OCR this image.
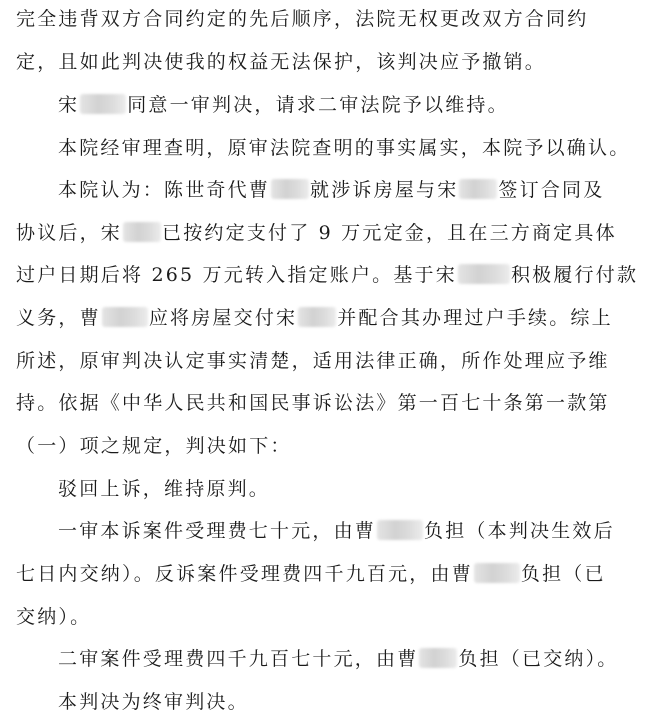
完全违背双方合同约定的先后顺序，法院无权更改双方合同约
定，且如此判决使我的权益无法保护，该判决应予撤销。
宋	同意一审判决，请求二审法院予以维持。
本院经审理查明，原审法院查明的事实属实，本院予以确认。
本院认为：陈世奇代曹 就涉诉房屋与宋 签订合同及
协议后，宋 已按约定支付了 9 万元定金，且在三方商定具体
过户日期后将 265 万元转入指定账户。基于宋	积极履行付款
义务，曹	应将房屋交付宋 并配合其办理过户手续。综上
所述，原审判决认定事实清楚，适用法律正确，所作处理应予维
持。依据《中华人民共和国民事诉讼法》第一百七十条第一款第
（一）项之规定，判决如下：
驳回上诉，维持原判。
一审本诉案件受理费七十元，由曹	负担（本判决生效后
七日内交纳）。反诉案件受理费四千九百元，由曹	负担（已
交纳）。
二审案件受理费四千九百七十元，由曹 负担（已交纳）。
本判决为终审判决。
